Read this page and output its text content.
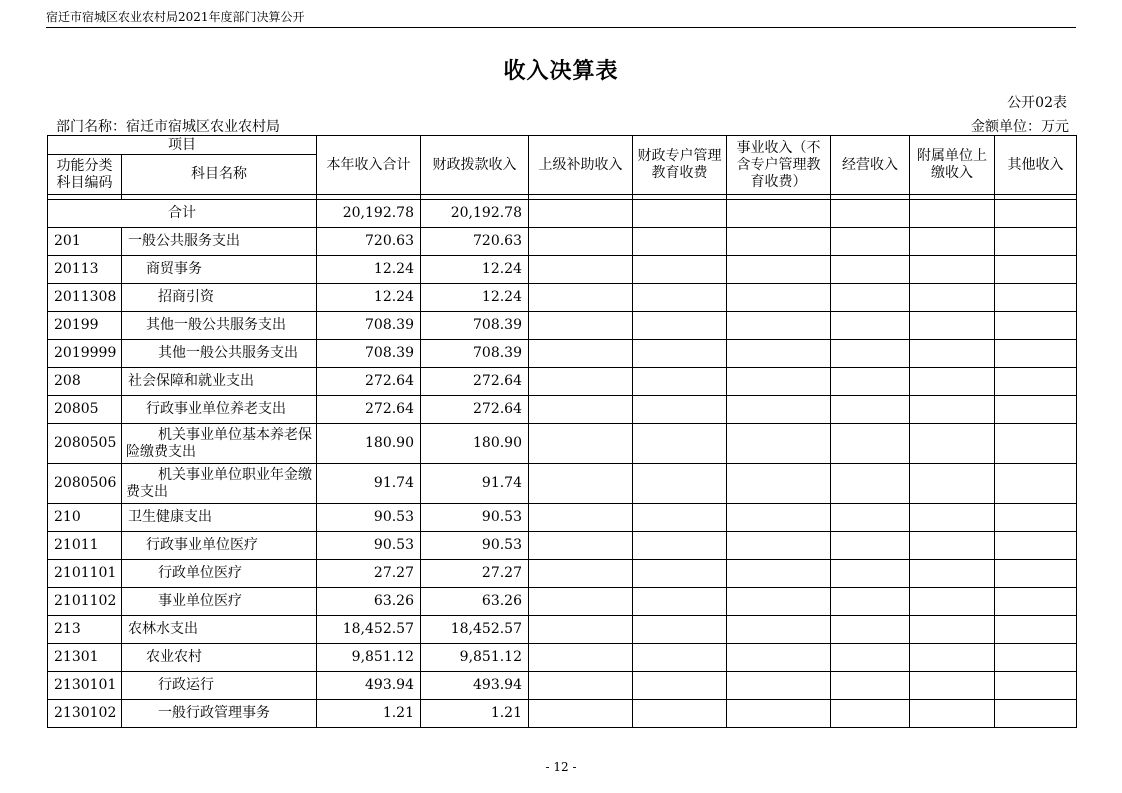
宿迁市宿城区农业农村局2021年度部门决算公开
收入决算表
公开02表
部门名称：宿迁市宿城区农业农村局	金额单位：万元
项目		本年收入合计	财政拨款收入	上级补助收入	财政专户管理教育收费	事业收入（不含专户管理教育收费）	经营收入	附属单位上缴收入	其他收入
功能分类科目编码	科目名称								

合计		20,192.78	20,192.78						
201	一般公共服务支出	720.63	720.63						
20113	商贸事务	12.24	12.24						
2011308	招商引资	12.24	12.24						
20199	其他一般公共服务支出	708.39	708.39						
2019999	其他一般公共服务支出	708.39	708.39						
208	社会保障和就业支出	272.64	272.64						
20805	行政事业单位养老支出	272.64	272.64						
2080505	机关事业单位基本养老保险缴费支出	180.90	180.90						
2080506	机关事业单位职业年金缴费支出	91.74	91.74						
210	卫生健康支出	90.53	90.53						
21011	行政事业单位医疗	90.53	90.53						
2101101	行政单位医疗	27.27	27.27						
2101102	事业单位医疗	63.26	63.26						
213	农林水支出	18,452.57	18,452.57						
21301	农业农村	9,851.12	9,851.12						
2130101	行政运行	493.94	493.94						
2130102	一般行政管理事务	1.21	1.21						
- 12 -
